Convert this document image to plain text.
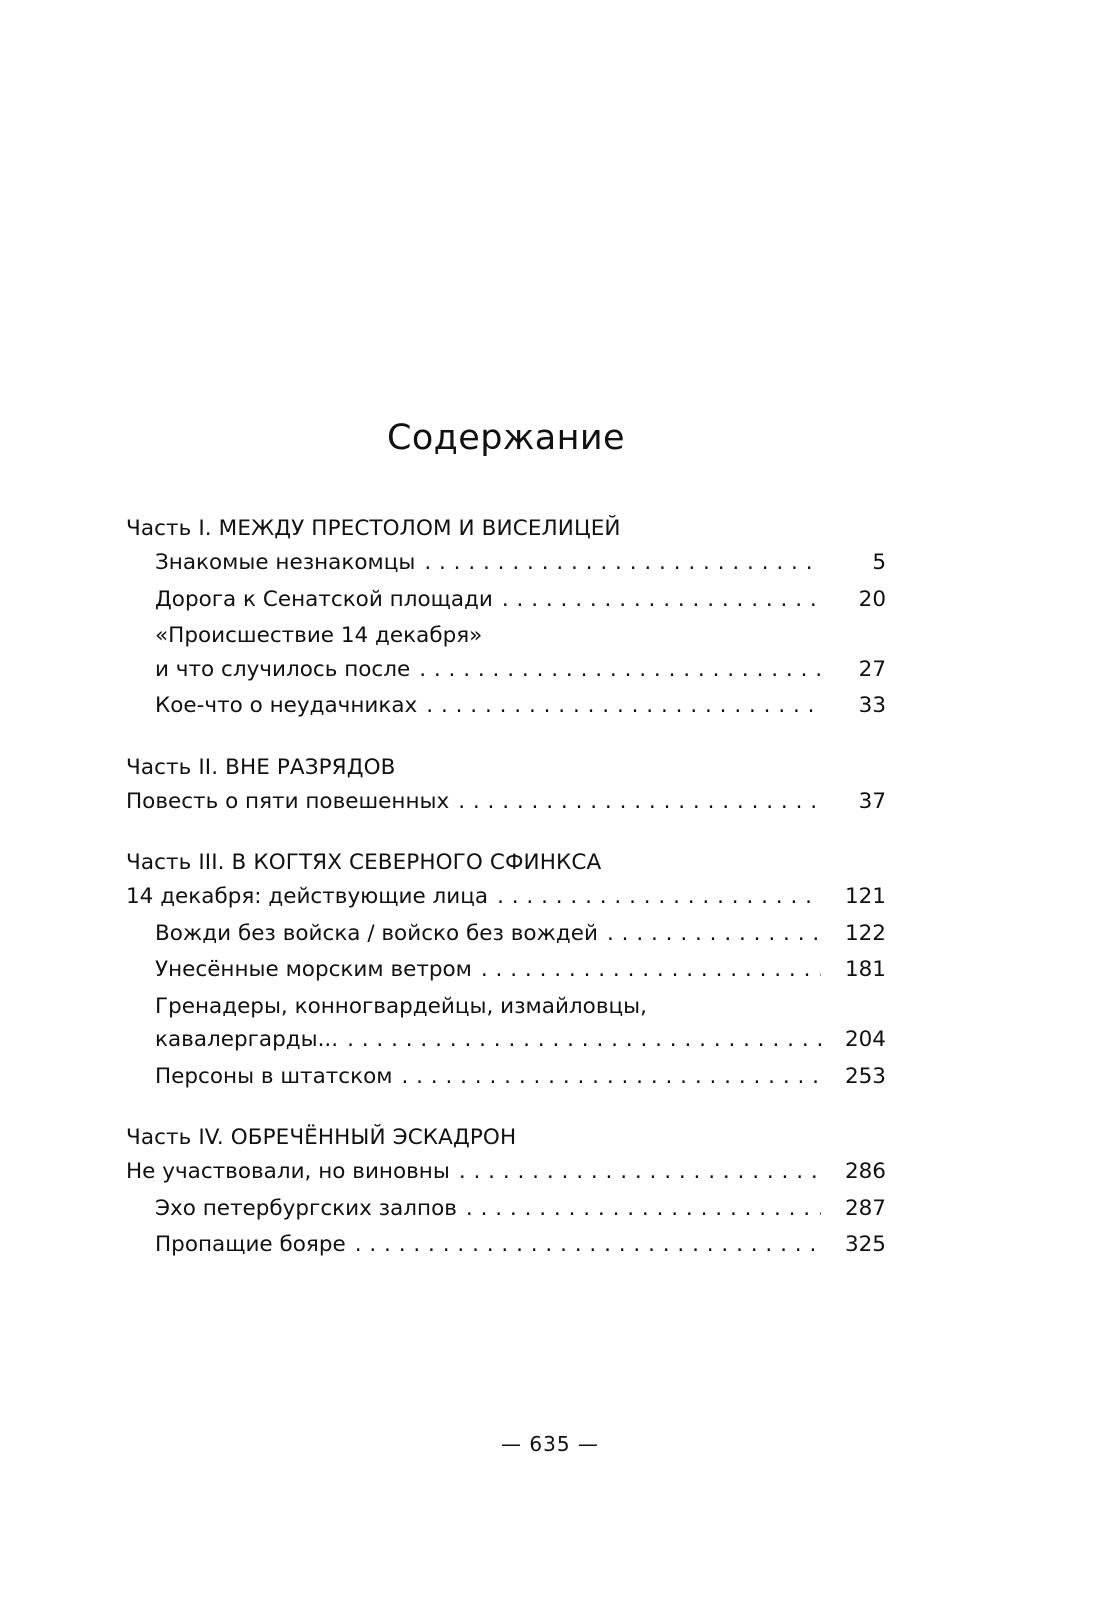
Содержание
Часть I. МЕЖДУ ПРЕСТОЛОМ И ВИСЕЛИЦЕЙ
Знакомые незнакомцы . . .	5
Дорога к Сенатской площади . . .	20
«Происшествие 14 декабря»
и что случилось после . . .	27
Кое-что о неудачниках . . .	33
Часть II. ВНЕ РАЗРЯДОВ
Повесть о пяти повешенных . . .	37
Часть III. В КОГТЯХ СЕВЕРНОГО СФИНКСА
14 декабря: действующие лица . . .	121
Вожди без войска / войско без вождей . . .	122
Унесённые морским ветром . . .	181
Гренадеры, конногвардейцы, измайловцы,
кавалергарды... . . .	204
Персоны в штатском . . .	253
Часть IV. ОБРЕЧЁННЫЙ ЭСКАДРОН
Не участвовали, но виновны . . .	286
Эхо петербургских залпов . . .	287
Пропащие бояре . . .	325
— 635 —
